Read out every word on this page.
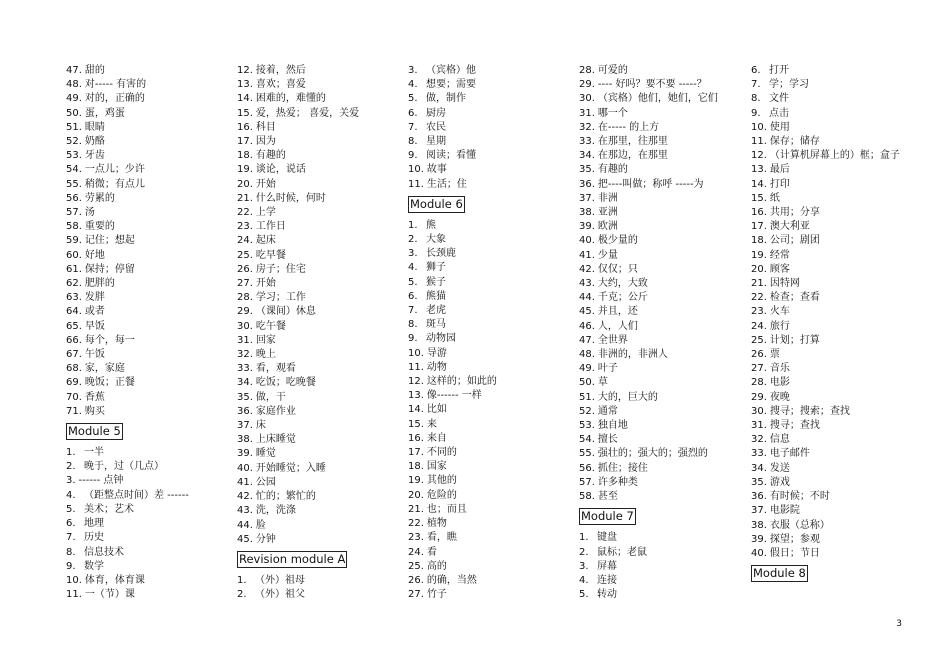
47. 甜的
48. 对----- 有害的
49. 对的，正确的
50. 蛋，鸡蛋
51. 眼睛
52. 奶酪
53. 牙齿
54. 一点儿；少许
55. 稍微；有点儿
56. 劳累的
57. 汤
58. 重要的
59. 记住；想起
60. 好地
61. 保持；停留
62. 肥胖的
63. 发胖
64. 或者
65. 早饭
66. 每个，每一
67. 午饭
68. 家，家庭
69. 晚饭；正餐
70. 香蕉
71. 购买
Module 5
1. 一半
2. 晚于，过（几点）
3. ------ 点钟
4. （距整点时间）差 ------
5. 美术；艺术
6. 地理
7. 历史
8. 信息技术
9. 数学
10. 体育，体育课
11. 一（节）课
12. 接着，然后
13. 喜欢；喜爱
14. 困难的，难懂的
15. 爱，热爱； 喜爱，关爱
16. 科目
17. 因为
18. 有趣的
19. 谈论，说话
20. 开始
21. 什么时候，何时
22. 上学
23. 工作日
24. 起床
25. 吃早餐
26. 房子；住宅
27. 开始
28. 学习；工作
29. （课间）休息
30. 吃午餐
31. 回家
32. 晚上
33. 看，观看
34. 吃饭；吃晚餐
35. 做，干
36. 家庭作业
37. 床
38. 上床睡觉
39. 睡觉
40. 开始睡觉；入睡
41. 公园
42. 忙的；繁忙的
43. 洗，洗涤
44. 脸
45. 分钟
Revision module A
1. （外）祖母
2. （外）祖父
3. （宾格）他
4. 想要；需要
5. 做，制作
6. 厨房
7. 农民
8. 星期
9. 阅读；看懂
10. 故事
11. 生活；住
Module 6
1. 熊
2. 大象
3. 长颈鹿
4. 狮子
5. 猴子
6. 熊猫
7. 老虎
8. 斑马
9. 动物园
10. 导游
11. 动物
12. 这样的；如此的
13. 像------ 一样
14. 比如
15. 来
16. 来自
17. 不同的
18. 国家
19. 其他的
20. 危险的
21. 也；而且
22. 植物
23. 看，瞧
24. 看
25. 高的
26. 的确，当然
27. 竹子
28. 可爱的
29. ---- 好吗？要不要 -----？
30. （宾格）他们，她们，它们
31. 哪一个
32. 在----- 的上方
33. 在那里，往那里
34. 在那边，在那里
35. 有趣的
36. 把----叫做；称呼 -----为
37. 非洲
38. 亚洲
39. 欧洲
40. 极少量的
41. 少量
42. 仅仅；只
43. 大约，大致
44. 千克；公斤
45. 并且，还
46. 人，人们
47. 全世界
48. 非洲的，非洲人
49. 叶子
50. 草
51. 大的，巨大的
52. 通常
53. 独自地
54. 擅长
55. 强壮的；强大的；强烈的
56. 抓住；接住
57. 许多种类
58. 甚至
Module 7
1. 键盘
2. 鼠标；老鼠
3. 屏幕
4. 连接
5. 转动
6. 打开
7. 学；学习
8. 文件
9. 点击
10. 使用
11. 保存；储存
12. （计算机屏幕上的）框；盒子
13. 最后
14. 打印
15. 纸
16. 共用；分享
17. 澳大利亚
18. 公司；剧团
19. 经常
20. 顾客
21. 因特网
22. 检查；查看
23. 火车
24. 旅行
25. 计划；打算
26. 票
27. 音乐
28. 电影
29. 夜晚
30. 搜寻；搜索；查找
31. 搜寻；查找
32. 信息
33. 电子邮件
34. 发送
35. 游戏
36. 有时候；不时
37. 电影院
38. 衣服（总称）
39. 探望；参观
40. 假日；节日
Module 8
3
